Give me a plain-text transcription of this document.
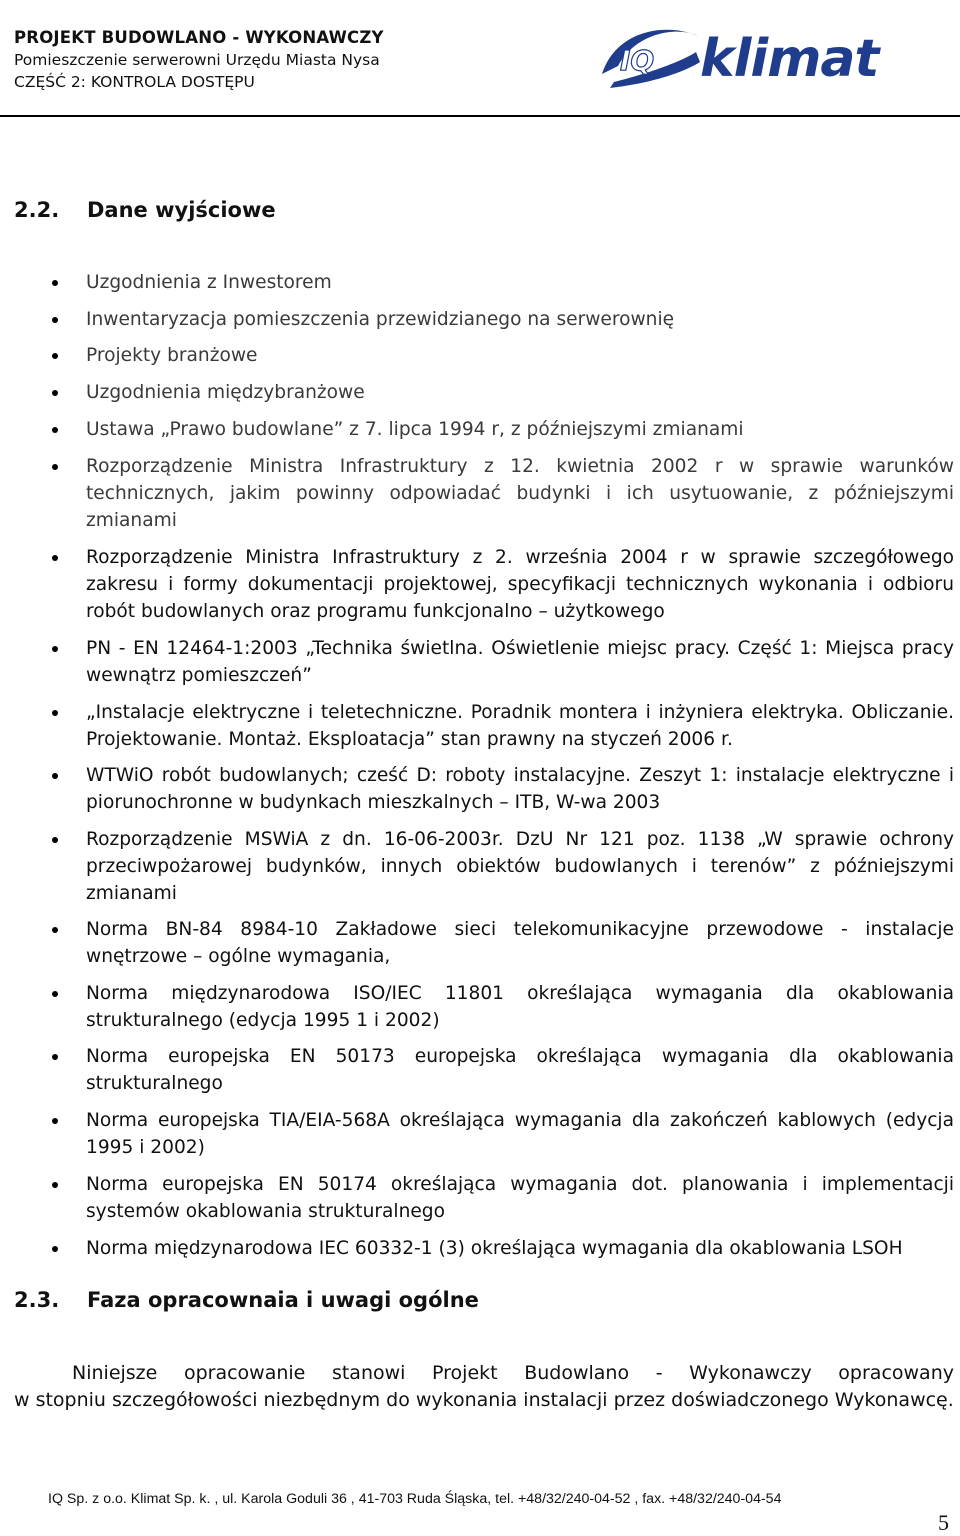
PROJEKT BUDOWLANO - WYKONAWCZY
Pomieszczenie serwerowni Urzędu Miasta Nysa
CZĘŚĆ 2: KONTROLA DOSTĘPU
IQ klimat
2.2. Dane wyjściowe
Uzgodnienia z Inwestorem
Inwentaryzacja pomieszczenia przewidzianego na serwerownię
Projekty branżowe
Uzgodnienia międzybranżowe
Ustawa „Prawo budowlane” z 7. lipca 1994 r, z późniejszymi zmianami
Rozporządzenie Ministra Infrastruktury z 12. kwietnia 2002 r w sprawie warunków technicznych, jakim powinny odpowiadać budynki i ich usytuowanie, z późniejszymi zmianami
Rozporządzenie Ministra Infrastruktury z 2. września 2004 r w sprawie szczegółowego zakresu i formy dokumentacji projektowej, specyfikacji technicznych wykonania i odbioru robót budowlanych oraz programu funkcjonalno – użytkowego
PN - EN 12464-1:2003 „Technika świetlna. Oświetlenie miejsc pracy. Część 1: Miejsca pracy wewnątrz pomieszczeń”
„Instalacje elektryczne i teletechniczne. Poradnik montera i inżyniera elektryka. Obliczanie. Projektowanie. Montaż. Eksploatacja” stan prawny na styczeń 2006 r.
WTWiO robót budowlanych; cześć D: roboty instalacyjne. Zeszyt 1: instalacje elektryczne i piorunochronne w budynkach mieszkalnych – ITB, W-wa 2003
Rozporządzenie MSWiA z dn. 16-06-2003r. DzU Nr 121 poz. 1138 „W sprawie ochrony przeciwpożarowej budynków, innych obiektów budowlanych i terenów” z późniejszymi zmianami
Norma BN-84 8984-10 Zakładowe sieci telekomunikacyjne przewodowe - instalacje wnętrzowe – ogólne wymagania,
Norma międzynarodowa ISO/IEC 11801 określająca wymagania dla okablowania strukturalnego (edycja 1995 1 i 2002)
Norma europejska EN 50173 europejska określająca wymagania dla okablowania strukturalnego
Norma europejska TIA/EIA-568A określająca wymagania dla zakończeń kablowych (edycja 1995 i 2002)
Norma europejska EN 50174 określająca wymagania dot. planowania i implementacji systemów okablowania strukturalnego
Norma międzynarodowa IEC 60332-1 (3) określająca wymagania dla okablowania LSOH
2.3. Faza opracownaia i uwagi ogólne
Niniejsze opracowanie stanowi Projekt Budowlano - Wykonawczy opracowany
w stopniu szczegółowości niezbędnym do wykonania instalacji przez doświadczonego Wykonawcę.
IQ Sp. z o.o. Klimat Sp. k. , ul. Karola Goduli 36 , 41-703 Ruda Śląska, tel. +48/32/240-04-52 , fax. +48/32/240-04-54
5
